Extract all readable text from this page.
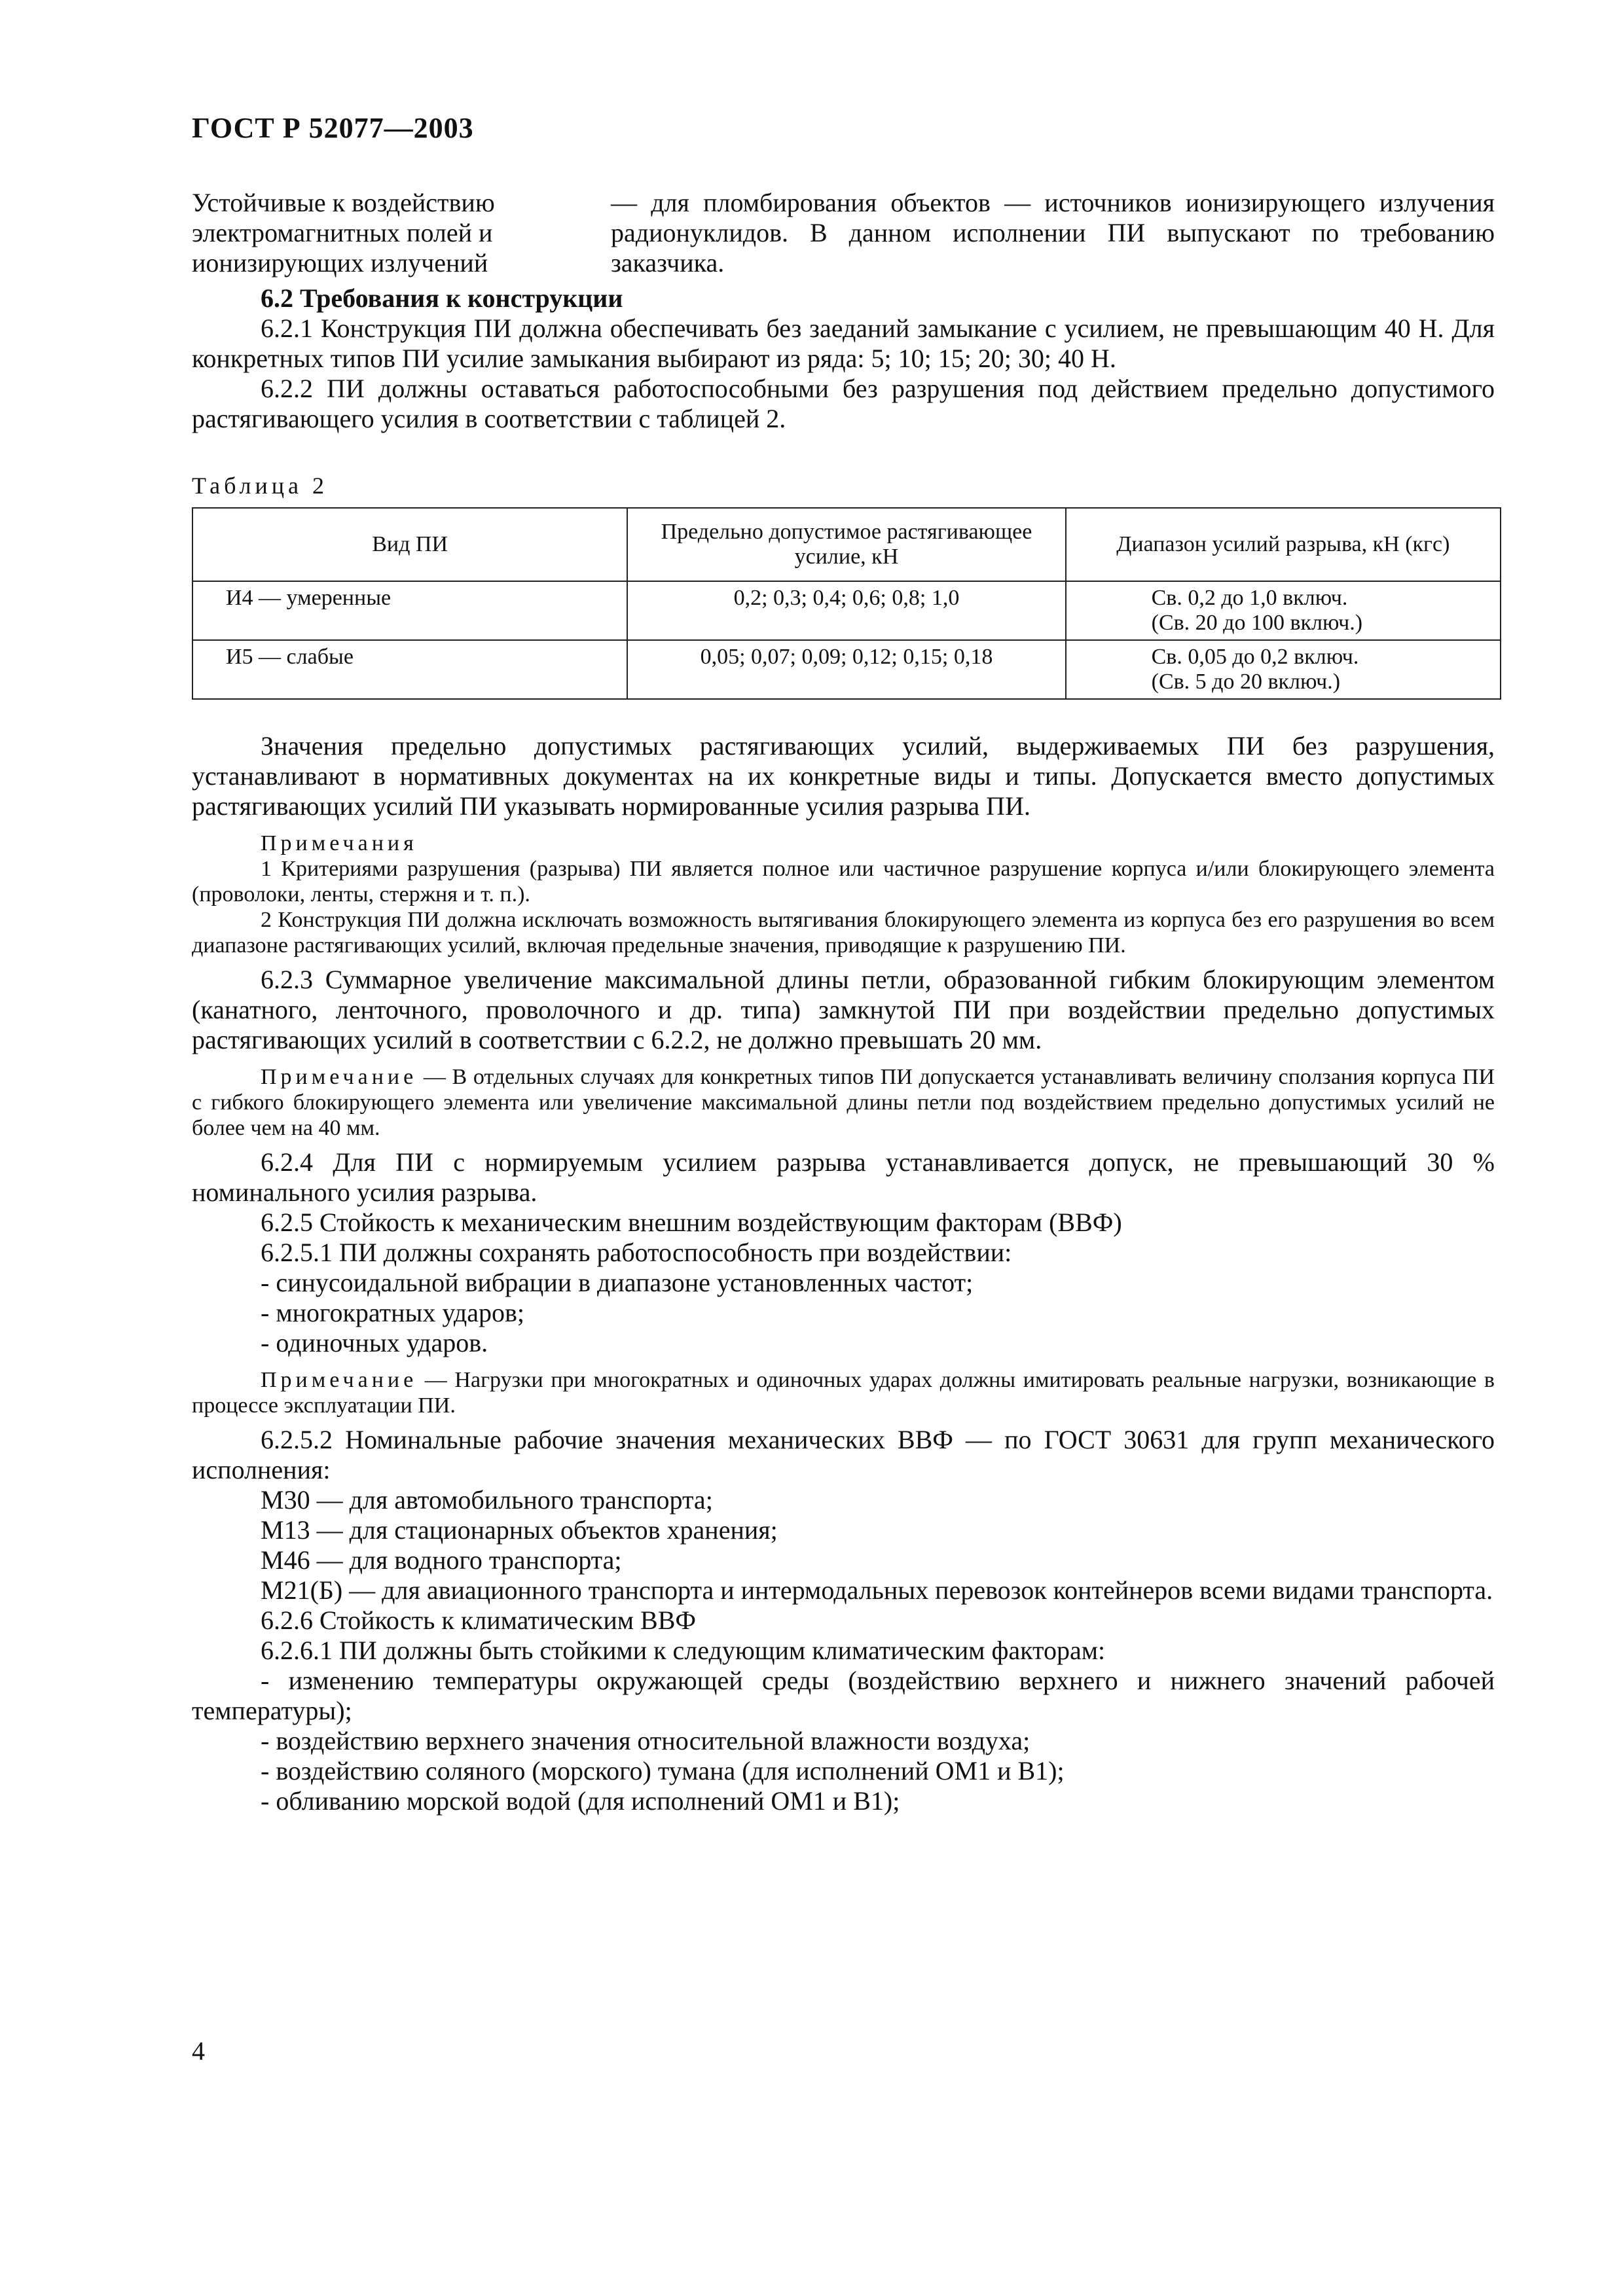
ГОСТ Р 52077—2003
Устойчивые к воздействию электромагнитных полей и ионизирующих излучений
— для пломбирования объектов — источников ионизирующего излучения радионуклидов. В данном исполнении ПИ выпускают по требованию заказчика.

6.2 Требования к конструкции

6.2.1 Конструкция ПИ должна обеспечивать без заеданий замыкание с усилием, не превышающим 40 Н. Для конкретных типов ПИ усилие замыкания выбирают из ряда: 5; 10; 15; 20; 30; 40 Н.

6.2.2 ПИ должны оставаться работоспособными без разрушения под действием предельно допустимого растягивающего усилия в соответствии с таблицей 2.

Таблица 2
Вид ПИ	Предельно допустимое растягивающее усилие, кН	Диапазон усилий разрыва, кН (кгс)
И4 — умеренные	0,2; 0,3; 0,4; 0,6; 0,8; 1,0	Св. 0,2 до 1,0 включ.
(Св. 20 до 100 включ.)

И5 — слабые	0,05; 0,07; 0,09; 0,12; 0,15; 0,18	Св. 0,05 до 0,2 включ.
(Св. 5 до 20 включ.)

Значения предельно допустимых растягивающих усилий, выдерживаемых ПИ без разрушения, устанавливают в нормативных документах на их конкретные виды и типы. Допускается вместо допустимых растягивающих усилий ПИ указывать нормированные усилия разрыва ПИ.

Примечания

1 Критериями разрушения (разрыва) ПИ является полное или частичное разрушение корпуса и/или блокирующего элемента (проволоки, ленты, стержня и т. п.).

2 Конструкция ПИ должна исключать возможность вытягивания блокирующего элемента из корпуса без его разрушения во всем диапазоне растягивающих усилий, включая предельные значения, приводящие к разрушению ПИ.

6.2.3 Суммарное увеличение максимальной длины петли, образованной гибким блокирующим элементом (канатного, ленточного, проволочного и др. типа) замкнутой ПИ при воздействии предельно допустимых растягивающих усилий в соответствии с 6.2.2, не должно превышать 20 мм.

Примечание — В отдельных случаях для конкретных типов ПИ допускается устанавливать величину сползания корпуса ПИ с гибкого блокирующего элемента или увеличение максимальной длины петли под воздействием предельно допустимых усилий не более чем на 40 мм.

6.2.4 Для ПИ с нормируемым усилием разрыва устанавливается допуск, не превышающий 30 % номинального усилия разрыва.

6.2.5 Стойкость к механическим внешним воздействующим факторам (ВВФ)

6.2.5.1 ПИ должны сохранять работоспособность при воздействии:

- синусоидальной вибрации в диапазоне установленных частот;

- многократных ударов;

- одиночных ударов.

Примечание — Нагрузки при многократных и одиночных ударах должны имитировать реальные нагрузки, возникающие в процессе эксплуатации ПИ.

6.2.5.2 Номинальные рабочие значения механических ВВФ — по ГОСТ 30631 для групп механического исполнения:

М30 — для автомобильного транспорта;

М13 — для стационарных объектов хранения;

М46 — для водного транспорта;

М21(Б) — для авиационного транспорта и интермодальных перевозок контейнеров всеми видами транспорта.

6.2.6 Стойкость к климатическим ВВФ

6.2.6.1 ПИ должны быть стойкими к следующим климатическим факторам:

- изменению температуры окружающей среды (воздействию верхнего и нижнего значений рабочей температуры);

- воздействию верхнего значения относительной влажности воздуха;

- воздействию соляного (морского) тумана (для исполнений ОМ1 и В1);

- обливанию морской водой (для исполнений ОМ1 и В1);

4
